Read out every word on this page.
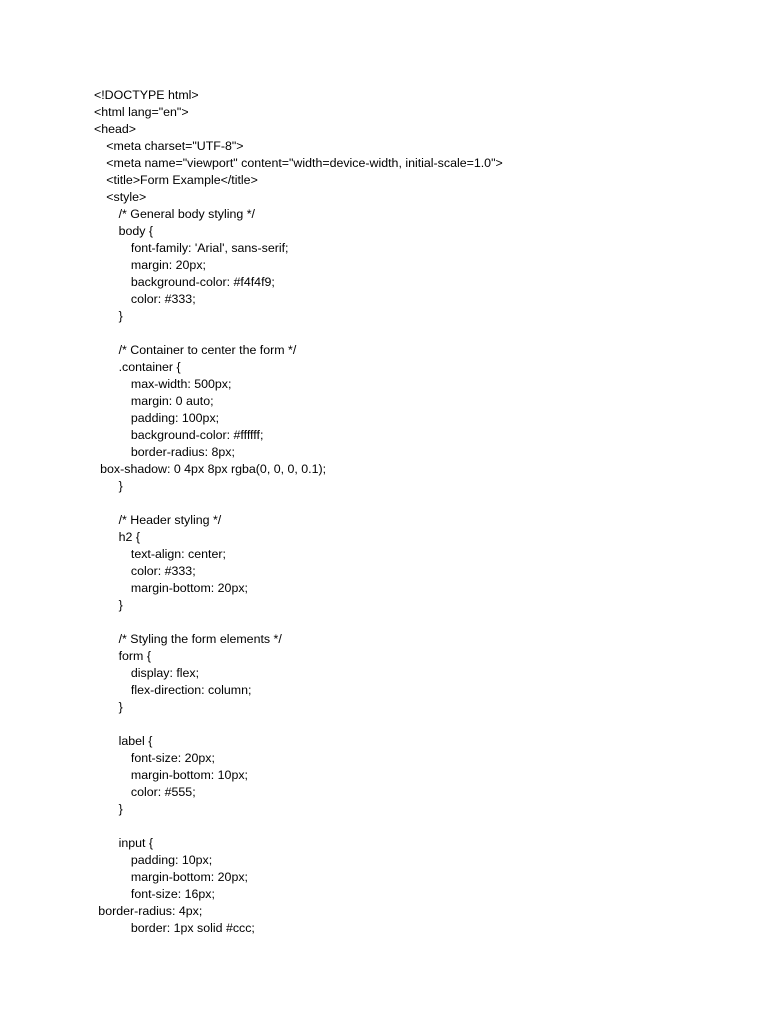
<!DOCTYPE html>
<html lang="en">
<head>
<meta charset="UTF-8">
<meta name="viewport" content="width=device-width, initial-scale=1.0">
<title>Form Example</title>
<style>
/* General body styling */
body {
font-family: 'Arial', sans-serif;
margin: 20px;
background-color: #f4f4f9;
color: #333;
}
/* Container to center the form */
.container {
max-width: 500px;
margin: 0 auto;
padding: 100px;
background-color: #ffffff;
border-radius: 8px;
box-shadow: 0 4px 8px rgba(0, 0, 0, 0.1);
}
/* Header styling */
h2 {
text-align: center;
color: #333;
margin-bottom: 20px;
}
/* Styling the form elements */
form {
display: flex;
flex-direction: column;
}
label {
font-size: 20px;
margin-bottom: 10px;
color: #555;
}
input {
padding: 10px;
margin-bottom: 20px;
font-size: 16px;
border-radius: 4px;
border: 1px solid #ccc;
